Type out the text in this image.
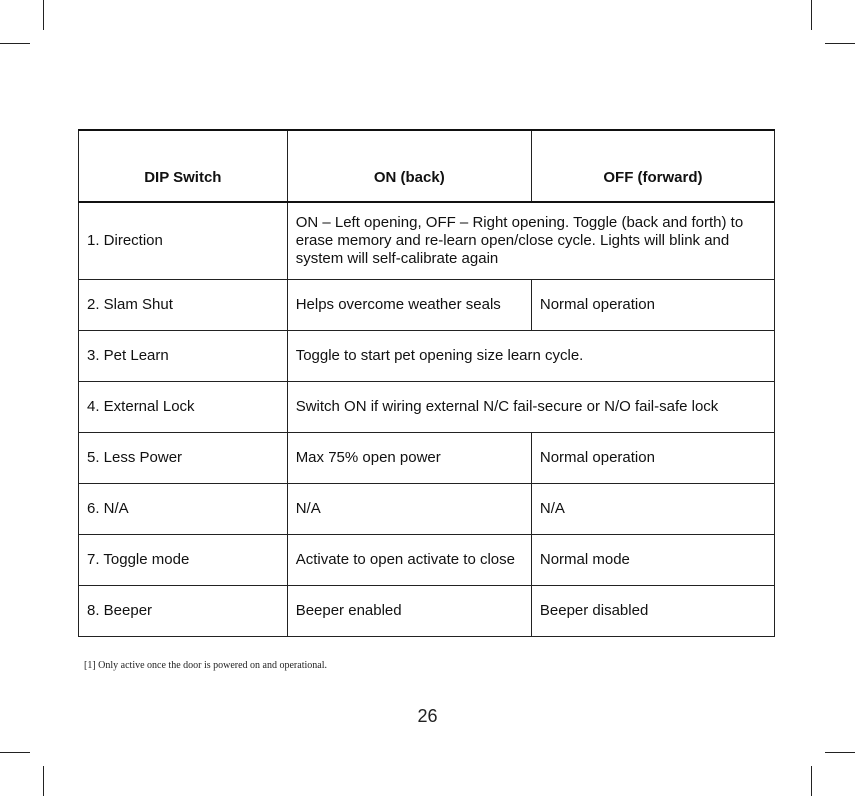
DIP Switch	ON (back)	OFF (forward)
1. Direction	ON – Left opening, OFF – Right opening. Toggle (back and forth) to erase memory and re-learn open/close cycle. Lights will blink and system will self-calibrate again	
2. Slam Shut	Helps overcome weather seals	Normal operation
3. Pet Learn	Toggle to start pet opening size learn cycle.	
4. External Lock	Switch ON if wiring external N/C fail-secure or N/O fail-safe lock	
5. Less Power	Max 75% open power	Normal operation
6. N/A	N/A	N/A
7. Toggle mode	Activate to open activate to close	Normal mode
8. Beeper	Beeper enabled	Beeper disabled
[1] Only active once the door is powered on and operational.
26
